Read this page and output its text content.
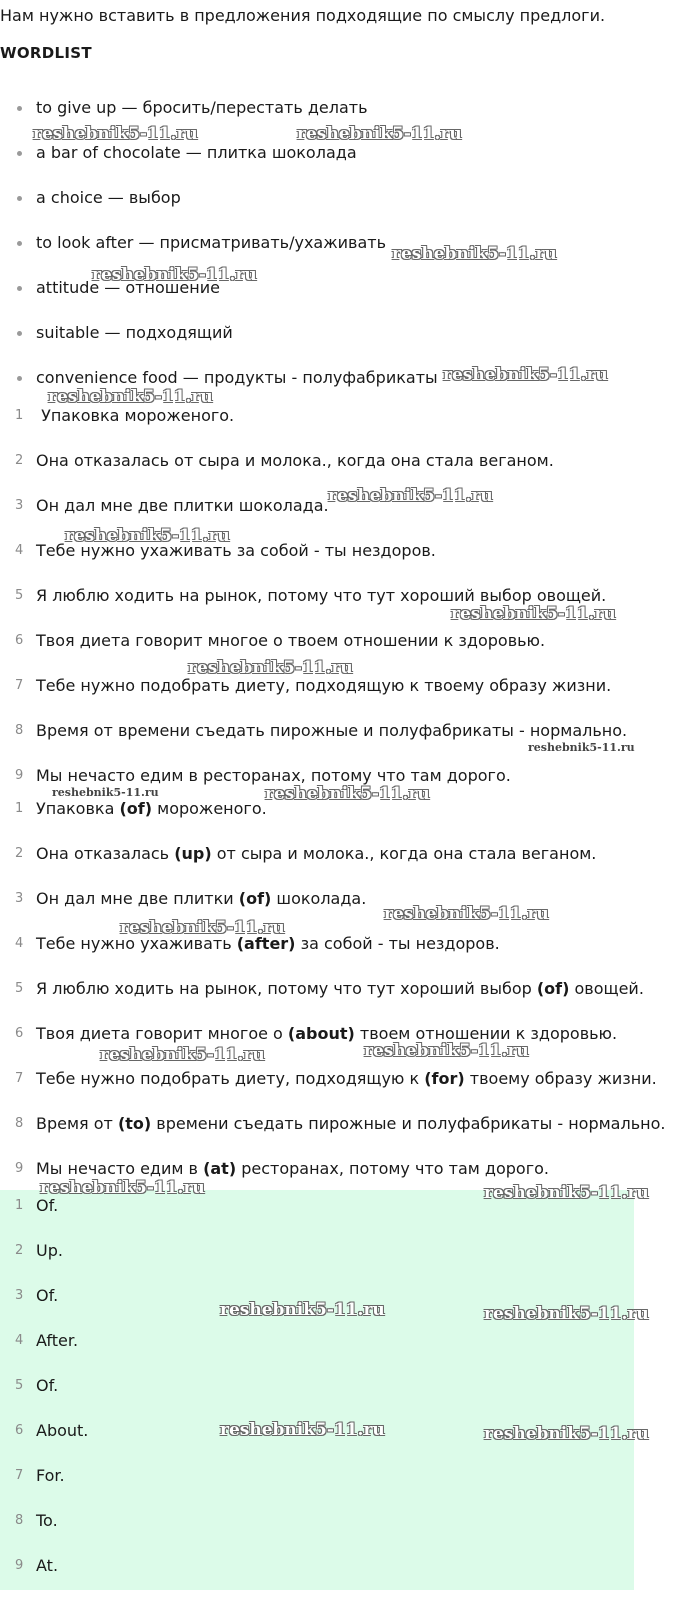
Нам нужно вставить в предложения подходящие по смыслу предлоги.
WORDLIST
to give up — бросить/перестать делать
a bar of chocolate — плитка шоколада
a choice — выбор
to look after — присматривать/ухаживать
attitude — отношение
suitable — подходящий
convenience food — продукты - полуфабрикаты
1 Упаковка мороженого.
2 Она отказалась от сыра и молока., когда она стала веганом.
3 Он дал мне две плитки шоколада.
4 Тебе нужно ухаживать за собой - ты нездоров.
5 Я люблю ходить на рынок, потому что тут хороший выбор овощей.
6 Твоя диета говорит многое о твоем отношении к здоровью.
7 Тебе нужно подобрать диету, подходящую к твоему образу жизни.
8 Время от времени съедать пирожные и полуфабрикаты - нормально.
9 Мы нечасто едим в ресторанах, потому что там дорого.
1 Упаковка (of) мороженого.
2 Она отказалась (up) от сыра и молока., когда она стала веганом.
3 Он дал мне две плитки (of) шоколада.
4 Тебе нужно ухаживать (after) за собой - ты нездоров.
5 Я люблю ходить на рынок, потому что тут хороший выбор (of) овощей.
6 Твоя диета говорит многое о (about) твоем отношении к здоровью.
7 Тебе нужно подобрать диету, подходящую к (for) твоему образу жизни.
8 Время от (to) времени съедать пирожные и полуфабрикаты - нормально.
9 Мы нечасто едим в (at) ресторанах, потому что там дорого.
1 Of.
2 Up.
3 Of.
4 After.
5 Of.
6 About.
7 For.
8 To.
9 At.
reshebnik5-11.ru	reshebnik5-11.ru
reshebnik5-11.ru
reshebnik5-11.ru
reshebnik5-11.ru
reshebnik5-11.ru
reshebnik5-11.ru
reshebnik5-11.ru
reshebnik5-11.ru
reshebnik5-11.ru
reshebnik5-11.ru
reshebnik5-11.ru	reshebnik5-11.ru
reshebnik5-11.ru
reshebnik5-11.ru
reshebnik5-11.ru	reshebnik5-11.ru
reshebnik5-11.ru	reshebnik5-11.ru
reshebnik5-11.ru	reshebnik5-11.ru
reshebnik5-11.ru	reshebnik5-11.ru
